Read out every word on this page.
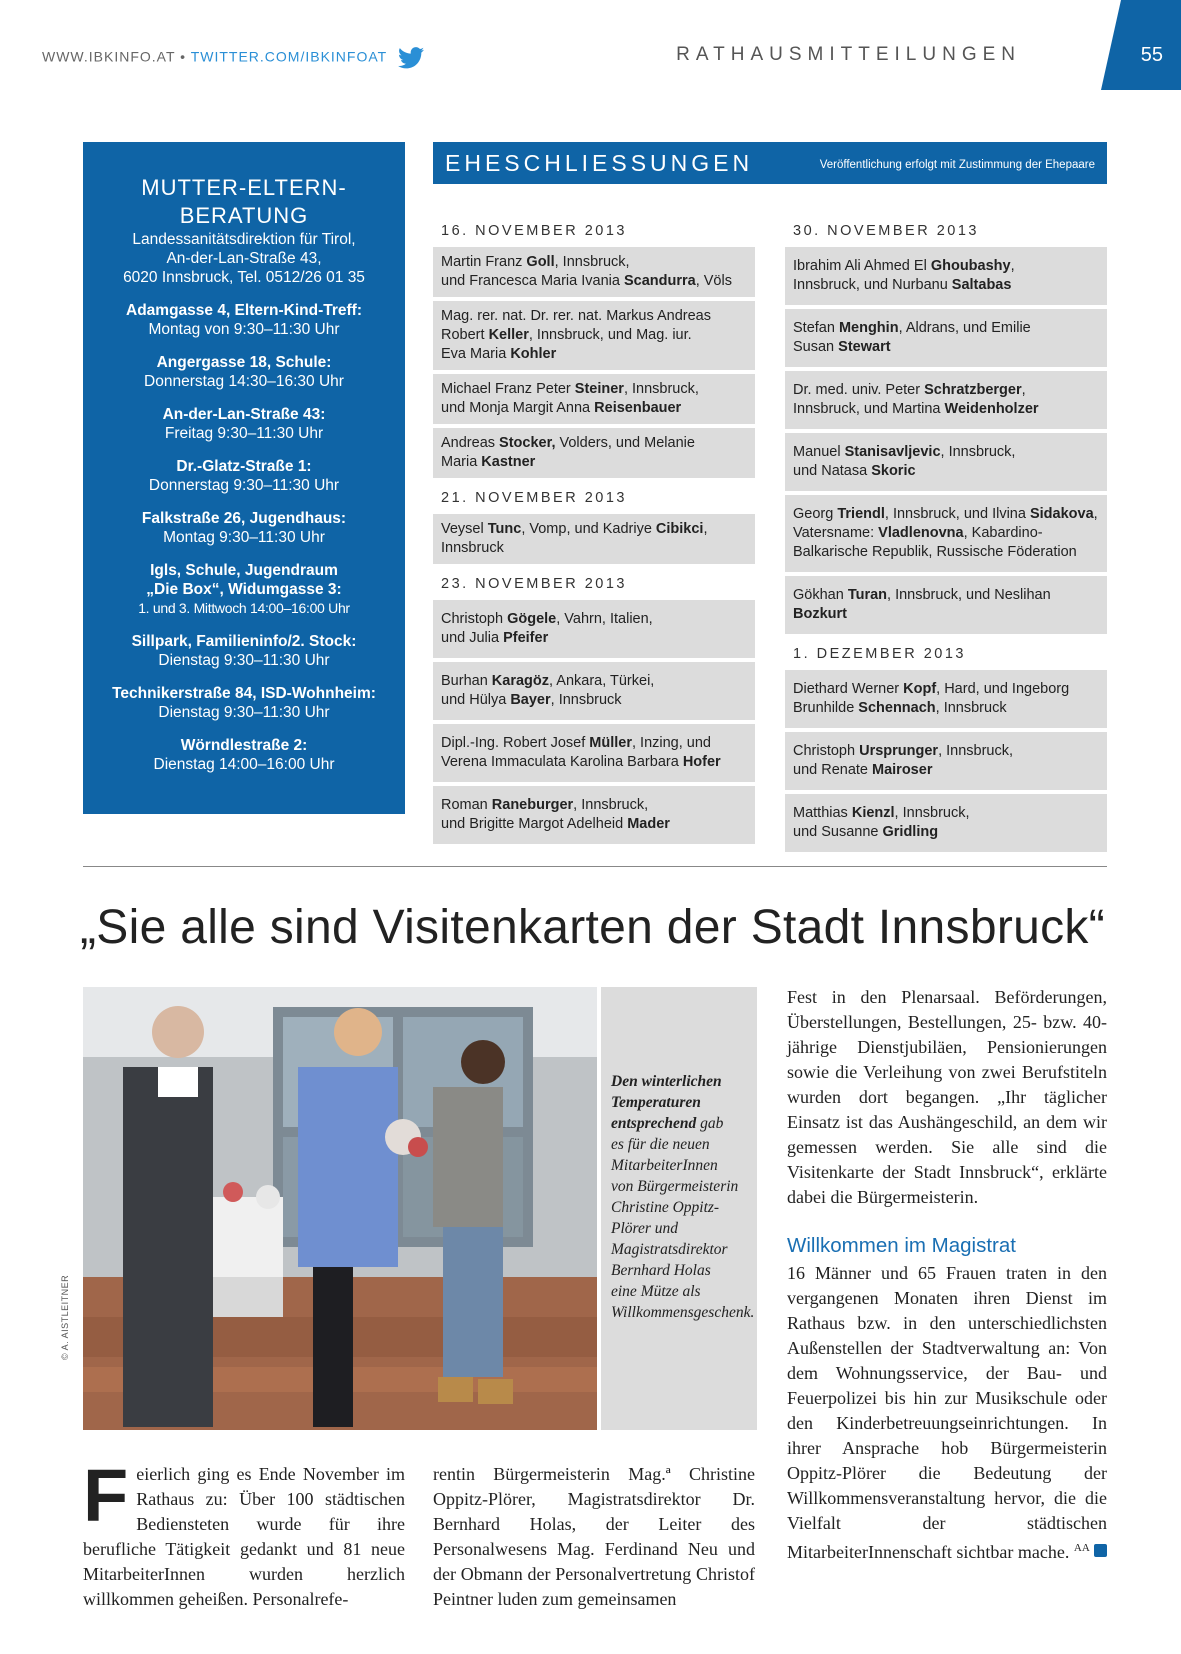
WWW.IBKINFO.AT • TWITTER.COM/IBKINFOAT	RATHAUSMITTEILUNGEN	55
MUTTER-ELTERN-
BERATUNG
Landessanitätsdirektion für Tirol,
An-der-Lan-Straße 43,
6020 Innsbruck, Tel. 0512/26 01 35
Adamgasse 4, Eltern-Kind-Treff:
Montag von 9:30–11:30 Uhr
Angergasse 18, Schule:
Donnerstag 14:30–16:30 Uhr
An-der-Lan-Straße 43:
Freitag 9:30–11:30 Uhr
Dr.-Glatz-Straße 1:
Donnerstag 9:30–11:30 Uhr
Falkstraße 26, Jugendhaus:
Montag 9:30–11:30 Uhr
Igls, Schule, Jugendraum
„Die Box“, Widumgasse 3:
1. und 3. Mittwoch 14:00–16:00 Uhr
Sillpark, Familieninfo/2. Stock:
Dienstag 9:30–11:30 Uhr
Technikerstraße 84, ISD-Wohnheim:
Dienstag 9:30–11:30 Uhr
Wörndlestraße 2:
Dienstag 14:00–16:00 Uhr
EHESCHLIESSUNGEN	Veröffentlichung erfolgt mit Zustimmung der Ehepaare
16. NOVEMBER 2013
Martin Franz Goll, Innsbruck,
und Francesca Maria Ivania Scandurra, Völs
Mag. rer. nat. Dr. rer. nat. Markus Andreas
Robert Keller, Innsbruck, und Mag. iur.
Eva Maria Kohler
Michael Franz Peter Steiner, Innsbruck,
und Monja Margit Anna Reisenbauer
Andreas Stocker, Volders, und Melanie
Maria Kastner
21. NOVEMBER 2013
Veysel Tunc, Vomp, und Kadriye Cibikci,
Innsbruck
23. NOVEMBER 2013
Christoph Gögele, Vahrn, Italien,
und Julia Pfeifer
Burhan Karagöz, Ankara, Türkei,
und Hülya Bayer, Innsbruck
Dipl.-Ing. Robert Josef Müller, Inzing, und
Verena Immaculata Karolina Barbara Hofer
Roman Raneburger, Innsbruck,
und Brigitte Margot Adelheid Mader
30. NOVEMBER 2013
Ibrahim Ali Ahmed El Ghoubashy,
Innsbruck, und Nurbanu Saltabas
Stefan Menghin, Aldrans, und Emilie
Susan Stewart
Dr. med. univ. Peter Schratzberger,
Innsbruck, und Martina Weidenholzer
Manuel Stanisavljevic, Innsbruck,
und Natasa Skoric
Georg Triendl, Innsbruck, und Ilvina Sidakova,
Vatersname: Vladlenovna, Kabardino-
Balkarische Republik, Russische Föderation
Gökhan Turan, Innsbruck, und Neslihan
Bozkurt
1. DEZEMBER 2013
Diethard Werner Kopf, Hard, und Ingeborg
Brunhilde Schennach, Innsbruck
Christoph Ursprunger, Innsbruck,
und Renate Mairoser
Matthias Kienzl, Innsbruck,
und Susanne Gridling
„Sie alle sind Visitenkarten der Stadt Innsbruck“
© A. AISTLEITNER
Den winterlichen Temperaturen entsprechend gab es für die neuen MitarbeiterInnen von Bürgermeisterin Christine Oppitz-Plörer und Magistratsdirektor Bernhard Holas eine Mütze als Willkommensgeschenk.
Feierlich ging es Ende November im Rathaus zu: Über 100 städtischen Bediensteten wurde für ihre berufliche Tätigkeit gedankt und 81 neue MitarbeiterInnen wurden herzlich willkommen geheißen. Personalrefe-
rentin Bürgermeisterin Mag.ª Christine Oppitz-Plörer, Magistratsdirektor Dr. Bernhard Holas, der Leiter des Personalwesens Mag. Ferdinand Neu und der Obmann der Personalvertretung Christof Peintner luden zum gemeinsamen
Fest in den Plenarsaal. Beförderungen, Überstellungen, Bestellungen, 25- bzw. 40-jährige Dienstjubiläen, Pensionierungen sowie die Verleihung von zwei Berufstiteln wurden dort begangen. „Ihr täglicher Einsatz ist das Aushängeschild, an dem wir gemessen werden. Sie alle sind die Visitenkarte der Stadt Innsbruck“, erklärte dabei die Bürgermeisterin.
Willkommen im Magistrat
16 Männer und 65 Frauen traten in den vergangenen Monaten ihren Dienst im Rathaus bzw. in den unterschiedlichsten Außenstellen der Stadtverwaltung an: Von dem Wohnungsservice, der Bau- und Feuerpolizei bis hin zur Musikschule oder den Kinderbetreuungseinrichtungen. In ihrer Ansprache hob Bürgermeisterin Oppitz-Plörer die Bedeutung der Willkommensveranstaltung hervor, die die Vielfalt der städtischen MitarbeiterInnenschaft sichtbar mache. $^{AA}$
